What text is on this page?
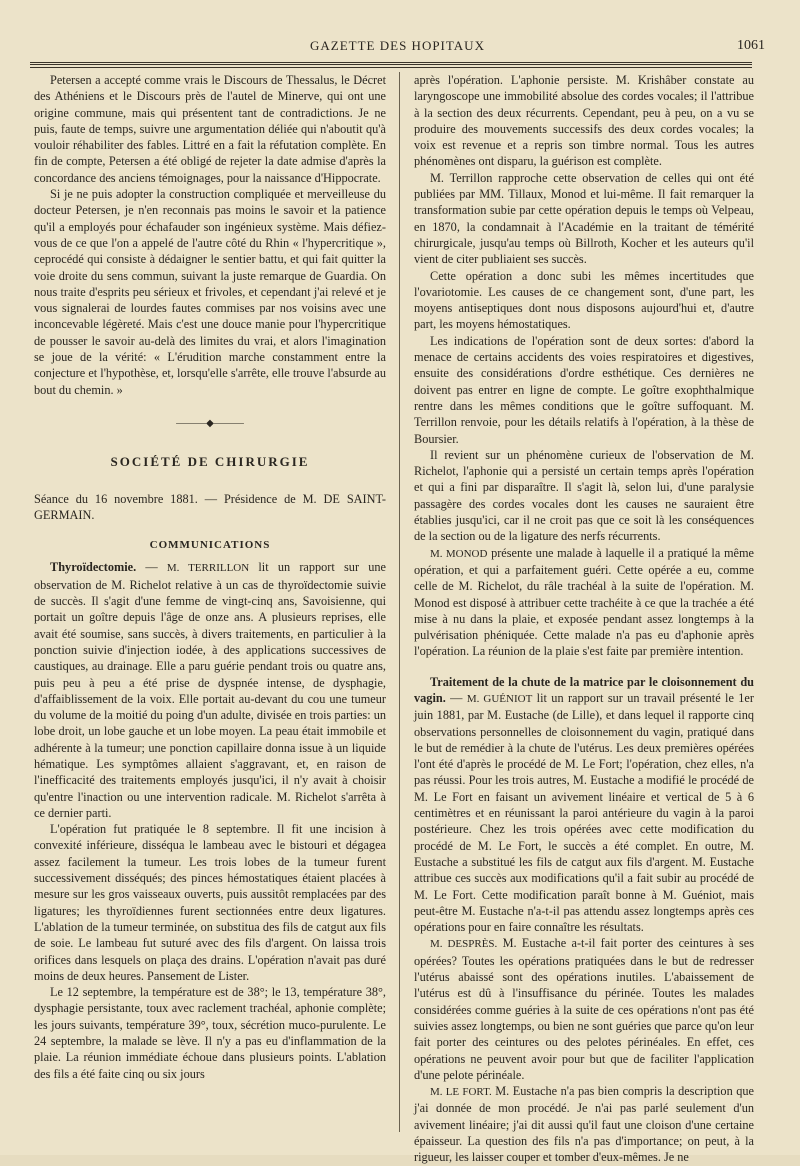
GAZETTE DES HOPITAUX	1061

Petersen a accepté comme vrais le Discours de Thessalus, le Décret des Athéniens et le Discours près de l'autel de Minerve, qui ont une origine commune, mais qui présentent tant de contradictions. Je ne puis, faute de temps, suivre une argumentation déliée qui n'aboutit qu'à vouloir réhabiliter des fables. Littré en a fait la réfutation complète. En fin de compte, Petersen a été obligé de rejeter la date admise d'après la concordance des anciens témoignages, pour la naissance d'Hippocrate.

Si je ne puis adopter la construction compliquée et merveilleuse du docteur Petersen, je n'en reconnais pas moins le savoir et la patience qu'il a employés pour échafauder son ingénieux système. Mais défiez-vous de ce que l'on a appelé de l'autre côté du Rhin « l'hypercritique », ceprocédé qui consiste à dédaigner le sentier battu, et qui fait quitter la voie droite du sens commun, suivant la juste remarque de Guardia. On nous traite d'esprits peu sérieux et frivoles, et cependant j'ai relevé et je vous signalerai de lourdes fautes commises par nos voisins avec une inconcevable légèreté. Mais c'est une douce manie pour l'hypercritique de pousser le savoir au-delà des limites du vrai, et alors l'imagination se joue de la vérité: « L'érudition marche constamment entre la conjecture et l'hypothèse, et, lorsqu'elle s'arrête, elle trouve l'absurde au bout du chemin. »

———◆———
SOCIÉTÉ DE CHIRURGIE

Séance du 16 novembre 1881. — Présidence de M. DE SAINT-GERMAIN.

COMMUNICATIONS

Thyroïdectomie. — M. TERRILLON lit un rapport sur une observation de M. Richelot relative à un cas de thyroïdectomie suivie de succès. Il s'agit d'une femme de vingt-cinq ans, Savoisienne, qui portait un goître depuis l'âge de onze ans. A plusieurs reprises, elle avait été soumise, sans succès, à divers traitements, en particulier à la ponction suivie d'injection iodée, à des applications successives de caustiques, au drainage. Elle a paru guérie pendant trois ou quatre ans, puis peu à peu a été prise de dyspnée intense, de dysphagie, d'affaiblissement de la voix. Elle portait au-devant du cou une tumeur du volume de la moitié du poing d'un adulte, divisée en trois parties: un lobe droit, un lobe gauche et un lobe moyen. La peau était immobile et adhérente à la tumeur; une ponction capillaire donna issue à un liquide hématique. Les symptômes allaient s'aggravant, et, en raison de l'inefficacité des traitements employés jusqu'ici, il n'y avait à choisir qu'entre l'inaction ou une intervention radicale. M. Richelot s'arrêta à ce dernier parti.

L'opération fut pratiquée le 8 septembre. Il fit une incision à convexité inférieure, disséqua le lambeau avec le bistouri et dégagea assez facilement la tumeur. Les trois lobes de la tumeur furent successivement disséqués; des pinces hémostatiques étaient placées à mesure sur les gros vaisseaux ouverts, puis aussitôt remplacées par des ligatures; les thyroïdiennes furent sectionnées entre deux ligatures. L'ablation de la tumeur terminée, on substitua des fils de catgut aux fils de soie. Le lambeau fut suturé avec des fils d'argent. On laissa trois orifices dans lesquels on plaça des drains. L'opération n'avait pas duré moins de deux heures. Pansement de Lister.

Le 12 septembre, la température est de 38°; le 13, température 38°, dysphagie persistante, toux avec raclement trachéal, aphonie complète; les jours suivants, température 39°, toux, sécrétion muco-purulente. Le 24 septembre, la malade se lève. Il n'y a pas eu d'inflammation de la plaie. La réunion immédiate échoue dans plusieurs points. L'ablation des fils a été faite cinq ou six jours

après l'opération. L'aphonie persiste. M. Krishâber constate au laryngoscope une immobilité absolue des cordes vocales; il l'attribue à la section des deux récurrents. Cependant, peu à peu, on a vu se produire des mouvements successifs des deux cordes vocales; la voix est revenue et a repris son timbre normal. Tous les autres phénomènes ont disparu, la guérison est complète.

M. Terrillon rapproche cette observation de celles qui ont été publiées par MM. Tillaux, Monod et lui-même. Il fait remarquer la transformation subie par cette opération depuis le temps où Velpeau, en 1870, la condamnait à l'Académie en la traitant de témérité chirurgicale, jusqu'au temps où Billroth, Kocher et les auteurs qu'il vient de citer publiaient ses succès.

Cette opération a donc subi les mêmes incertitudes que l'ovariotomie. Les causes de ce changement sont, d'une part, les moyens antiseptiques dont nous disposons aujourd'hui et, d'autre part, les moyens hémostatiques.

Les indications de l'opération sont de deux sortes: d'abord la menace de certains accidents des voies respiratoires et digestives, ensuite des considérations d'ordre esthétique. Ces dernières ne doivent pas entrer en ligne de compte. Le goître exophthalmique rentre dans les mêmes conditions que le goître suffoquant. M. Terrillon renvoie, pour les détails relatifs à l'opération, à la thèse de Boursier.

Il revient sur un phénomène curieux de l'observation de M. Richelot, l'aphonie qui a persisté un certain temps après l'opération et qui a fini par disparaître. Il s'agit là, selon lui, d'une paralysie passagère des cordes vocales dont les causes ne sauraient être établies jusqu'ici, car il ne croit pas que ce soit là les conséquences de la section ou de la ligature des nerfs récurrents.

M. MONOD présente une malade à laquelle il a pratiqué la même opération, et qui a parfaitement guéri. Cette opérée a eu, comme celle de M. Richelot, du râle trachéal à la suite de l'opération. M. Monod est disposé à attribuer cette trachéite à ce que la trachée a été mise à nu dans la plaie, et exposée pendant assez longtemps à la pulvérisation phéniquée. Cette malade n'a pas eu d'aphonie après l'opération. La réunion de la plaie s'est faite par première intention.

Traitement de la chute de la matrice par le cloisonnement du vagin. — M. GUÉNIOT lit un rapport sur un travail présenté le 1er juin 1881, par M. Eustache (de Lille), et dans lequel il rapporte cinq observations personnelles de cloisonnement du vagin, pratiqué dans le but de remédier à la chute de l'utérus. Les deux premières opérées l'ont été d'après le procédé de M. Le Fort; l'opération, chez elles, n'a pas réussi. Pour les trois autres, M. Eustache a modifié le procédé de M. Le Fort en faisant un avivement linéaire et vertical de 5 à 6 centimètres et en réunissant la paroi antérieure du vagin à la paroi postérieure. Chez les trois opérées avec cette modification du procédé de M. Le Fort, le succès a été complet. En outre, M. Eustache a substitué les fils de catgut aux fils d'argent. M. Eustache attribue ces succès aux modifications qu'il a fait subir au procédé de M. Le Fort. Cette modification paraît bonne à M. Guéniot, mais peut-être M. Eustache n'a-t-il pas attendu assez longtemps après ces opérations pour en faire connaître les résultats.

M. DESPRÈS. M. Eustache a-t-il fait porter des ceintures à ses opérées? Toutes les opérations pratiquées dans le but de redresser l'utérus abaissé sont des opérations inutiles. L'abaissement de l'utérus est dû à l'insuffisance du périnée. Toutes les malades considérées comme guéries à la suite de ces opérations n'ont pas été suivies assez longtemps, ou bien ne sont guéries que parce qu'on leur fait porter des ceintures ou des pelotes périnéales. En effet, ces opérations ne peuvent avoir pour but que de faciliter l'application d'une pelote périnéale.

M. LE FORT. M. Eustache n'a pas bien compris la description que j'ai donnée de mon procédé. Je n'ai pas parlé seulement d'un avivement linéaire; j'ai dit aussi qu'il faut une cloison d'une certaine épaisseur. La question des fils n'a pas d'importance; on peut, à la rigueur, les laisser couper et tomber d'eux-mêmes. Je ne
